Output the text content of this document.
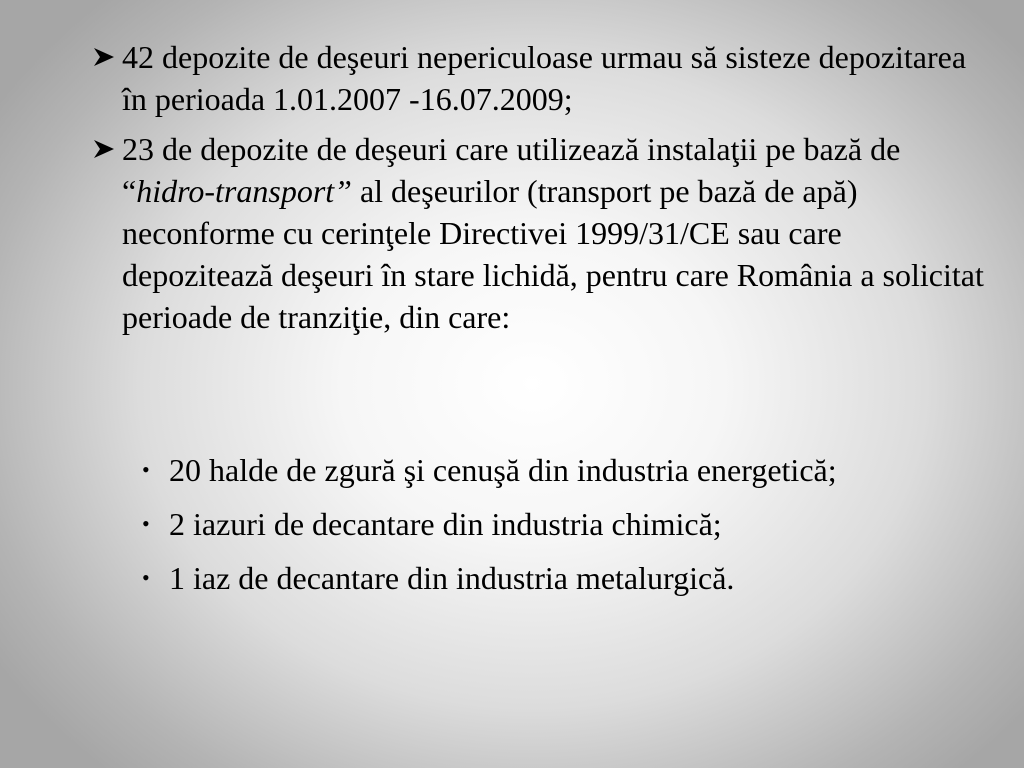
42 depozite de deşeuri nepericuloase urmau să sisteze depozitarea în perioada 1.01.2007 -16.07.2009;
23 de depozite de deşeuri care utilizează instalaţii pe bază de “hidro-transport” al deşeurilor (transport pe bază de apă) neconforme cu cerinţele Directivei 1999/31/CE sau care depozitează deşeuri în stare lichidă, pentru care România a solicitat perioade de tranziţie, din care:
• 20 halde de zgură şi cenuşă din industria energetică;
• 2 iazuri de decantare din industria chimică;
• 1 iaz de decantare din industria metalurgică.
